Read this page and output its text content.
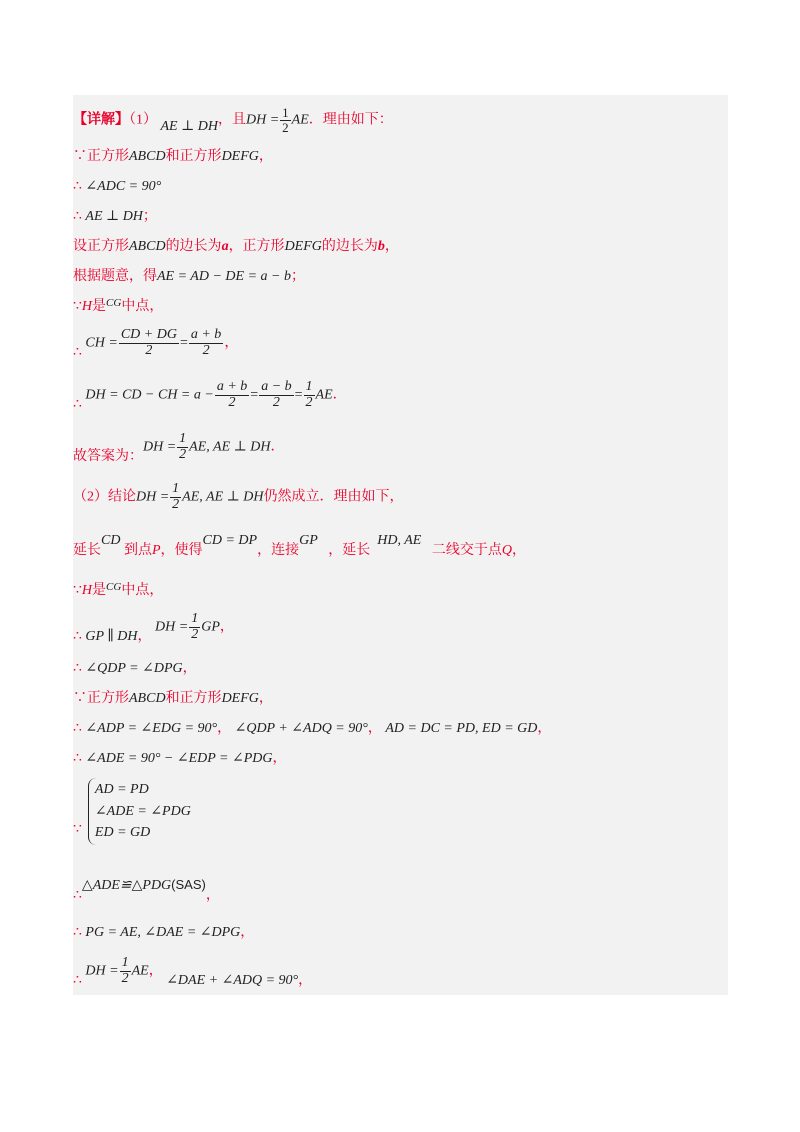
【详解】（1） AE ⊥ DH，且DH = $\frac{1}{2}$ AE．理由如下：
∵正方形ABCD和正方形DEFG，
∴ ∠ADC = 90°
∴ AE ⊥ DH；
设正方形ABCD的边长为a，正方形DEFG的边长为b，
根据题意，得AE = AD − DE = a − b；
∵H是$^{CG}$中点，
∴ CH = $\frac{CD + DG}{2} = \frac{a + b}{2}$ ，
∴ DH = CD − CH = $a - \frac{a + b}{2} = \frac{a - b}{2} = \frac{1}{2}$ AE．
故答案为：DH = $\frac{1}{2}$ AE, AE ⊥ DH．
（2）结论DH = $\frac{1}{2}$ AE, AE ⊥ DH仍然成立．理由如下，
延长CD 到点P，使得CD = DP，连接GP   ，延长  HD, AE   二线交于点Q，
∵H是$^{CG}$中点，
∴ GP ∥ DH， DH = $\frac{1}{2}$ GP，
∴ ∠QDP = ∠DPG，
∵正方形ABCD和正方形DEFG，
∴ ∠ADP = ∠EDG = 90°， ∠QDP + ∠ADQ = 90°， AD = DC = PD, ED = GD，
∴ ∠ADE = 90° − ∠EDP = ∠PDG，
∵
AD = PD
∠ADE = ∠PDG
ED = GD
∴△ADE≌△PDG(SAS)，
∴ PG = AE, ∠DAE = ∠DPG，
∴ DH = $\frac{1}{2}$ AE， ∠DAE + ∠ADQ = 90°，
